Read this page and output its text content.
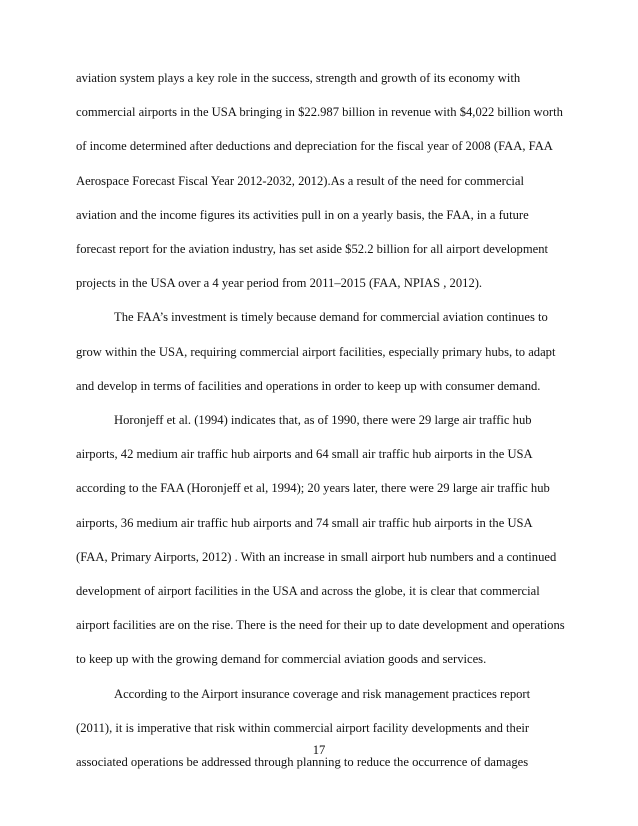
aviation system plays a key role in the success, strength and growth of its economy with

commercial airports in the USA bringing in $22.987 billion in revenue with $4,022 billion worth

of income determined after deductions and depreciation for the fiscal year of 2008 (FAA, FAA

Aerospace Forecast Fiscal Year 2012-2032, 2012).As a result of the need for commercial

aviation and the income figures its activities pull in on a yearly basis, the FAA, in a future

forecast report for the aviation industry, has set aside $52.2 billion for all airport development

projects in the USA over a 4 year period from 2011–2015 (FAA, NPIAS , 2012).

The FAA’s investment is timely because demand for commercial aviation continues to

grow within the USA, requiring commercial airport facilities, especially primary hubs, to adapt

and develop in terms of facilities and operations in order to keep up with consumer demand.

Horonjeff et al. (1994) indicates that, as of 1990, there were 29 large air traffic hub

airports, 42 medium air traffic hub airports and 64 small air traffic hub airports in the USA

according to the FAA (Horonjeff et al, 1994); 20 years later, there were 29 large air traffic hub

airports, 36 medium air traffic hub airports and 74 small air traffic hub airports in the USA

(FAA, Primary Airports, 2012) . With an increase in small airport hub numbers and a continued

development of airport facilities in the USA and across the globe, it is clear that commercial

airport facilities are on the rise. There is the need for their up to date development and operations

to keep up with the growing demand for commercial aviation goods and services.

According to the Airport insurance coverage and risk management practices report

(2011), it is imperative that risk within commercial airport facility developments and their

associated operations be addressed through planning to reduce the occurrence of damages

17
